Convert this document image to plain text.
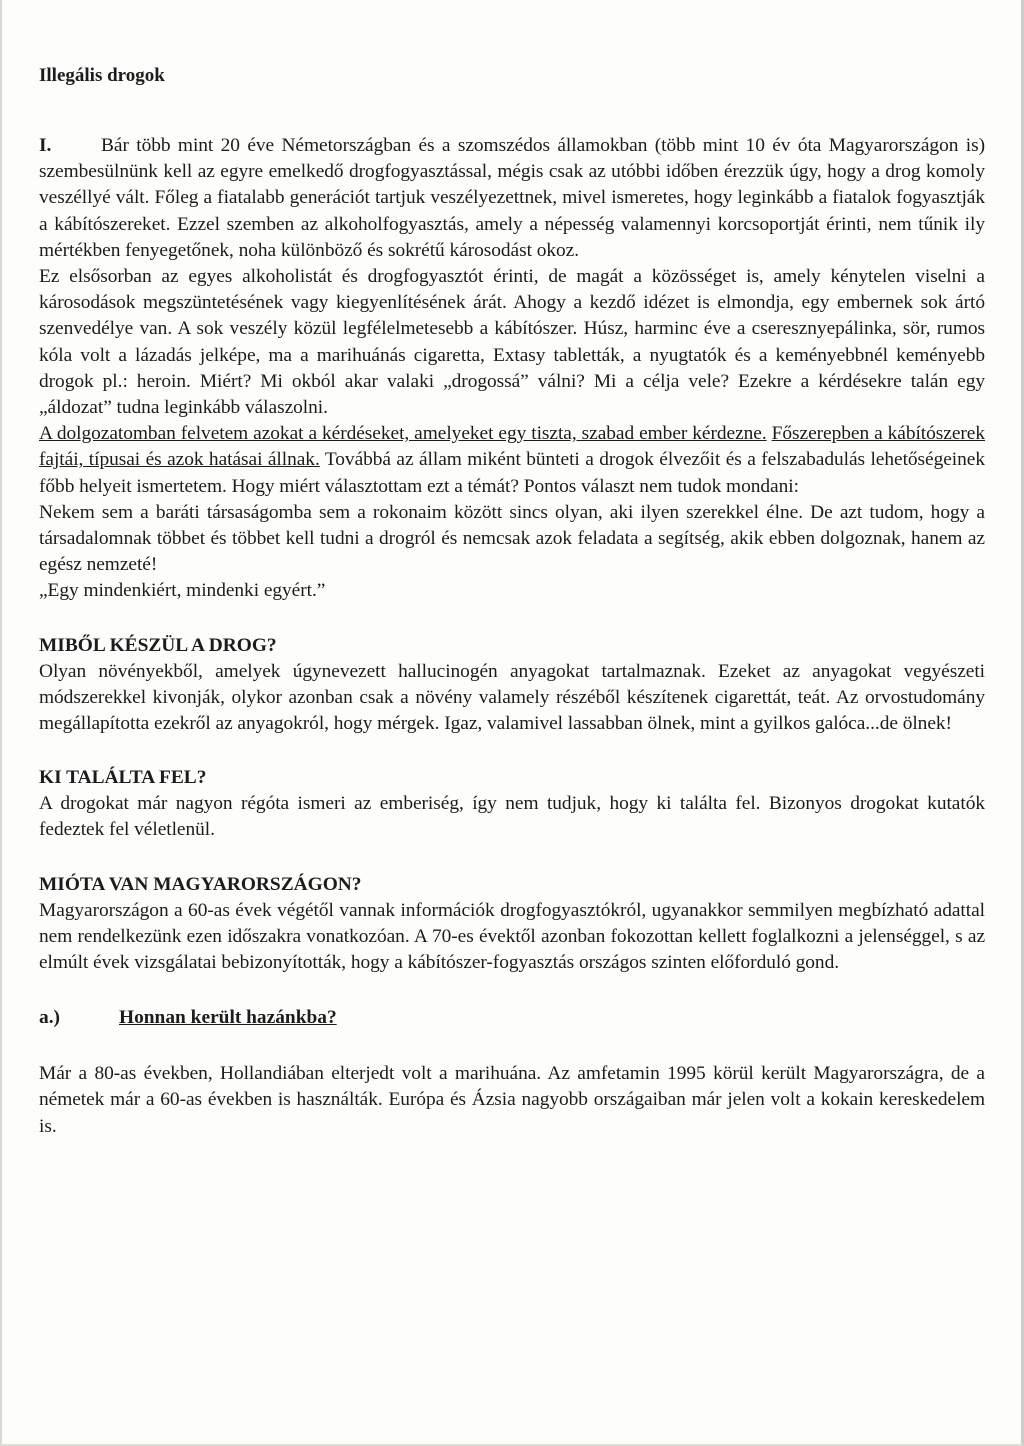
Illegális drogok

I.	Bár több mint 20 éve Németországban és a szomszédos államokban (több mint 10 év óta Magyarországon is) szembesülnünk kell az egyre emelkedő drogfogyasztással, mégis csak az utóbbi időben érezzük úgy, hogy a drog komoly veszéllyé vált. Főleg a fiatalabb generációt tartjuk veszélyezettnek, mivel ismeretes, hogy leginkább a fiatalok fogyasztják a kábítószereket. Ezzel szemben az alkoholfogyasztás, amely a népesség valamennyi korcsoportját érinti, nem tűnik ily mértékben fenyegetőnek, noha különböző és sokrétű károsodást okoz.

Ez elsősorban az egyes alkoholistát és drogfogyasztót érinti, de magát a közösséget is, amely kénytelen viselni a károsodások megszüntetésének vagy kiegyenlítésének árát. Ahogy a kezdő idézet is elmondja, egy embernek sok ártó szenvedélye van. A sok veszély közül legfélelmetesebb a kábítószer. Húsz, harminc éve a cseresznyepálinka, sör, rumos kóla volt a lázadás jelképe, ma a marihuánás cigaretta, Extasy tabletták, a nyugtatók és a keményebbnél keményebb drogok pl.: heroin. Miért? Mi okból akar valaki „drogossá” válni? Mi a célja vele? Ezekre a kérdésekre talán egy „áldozat” tudna leginkább válaszolni.

A dolgozatomban felvetem azokat a kérdéseket, amelyeket egy tiszta, szabad ember kérdezne. Főszerepben a kábítószerek fajtái, típusai és azok hatásai állnak. Továbbá az állam miként bünteti a drogok élvezőit és a felszabadulás lehetőségeinek főbb helyeit ismertetem. Hogy miért választottam ezt a témát? Pontos választ nem tudok mondani:

Nekem sem a baráti társaságomba sem a rokonaim között sincs olyan, aki ilyen szerekkel élne. De azt tudom, hogy a társadalomnak többet és többet kell tudni a drogról és nemcsak azok feladata a segítség, akik ebben dolgoznak, hanem az egész nemzeté!

„Egy mindenkiért, mindenki egyért.”

MIBŐL KÉSZÜL A DROG?

Olyan növényekből, amelyek úgynevezett hallucinogén anyagokat tartalmaznak. Ezeket az anyagokat vegyészeti módszerekkel kivonják, olykor azonban csak a növény valamely részéből készítenek cigarettát, teát. Az orvostudomány megállapította ezekről az anyagokról, hogy mérgek. Igaz, valamivel lassabban ölnek, mint a gyilkos galóca...de ölnek!

KI TALÁLTA FEL?

A drogokat már nagyon régóta ismeri az emberiség, így nem tudjuk, hogy ki találta fel. Bizonyos drogokat kutatók fedeztek fel véletlenül.

MIÓTA VAN MAGYARORSZÁGON?

Magyarországon a 60-as évek végétől vannak információk drogfogyasztókról, ugyanakkor semmilyen megbízható adattal nem rendelkezünk ezen időszakra vonatkozóan. A 70-es évektől azonban fokozottan kellett foglalkozni a jelenséggel, s az elmúlt évek vizsgálatai bebizonyították, hogy a kábítószer-fogyasztás országos szinten előforduló gond.

a.)	Honnan került hazánkba?

Már a 80-as években, Hollandiában elterjedt volt a marihuána. Az amfetamin 1995 körül került Magyarországra, de a németek már a 60-as években is használták. Európa és Ázsia nagyobb országaiban már jelen volt a kokain kereskedelem is.
